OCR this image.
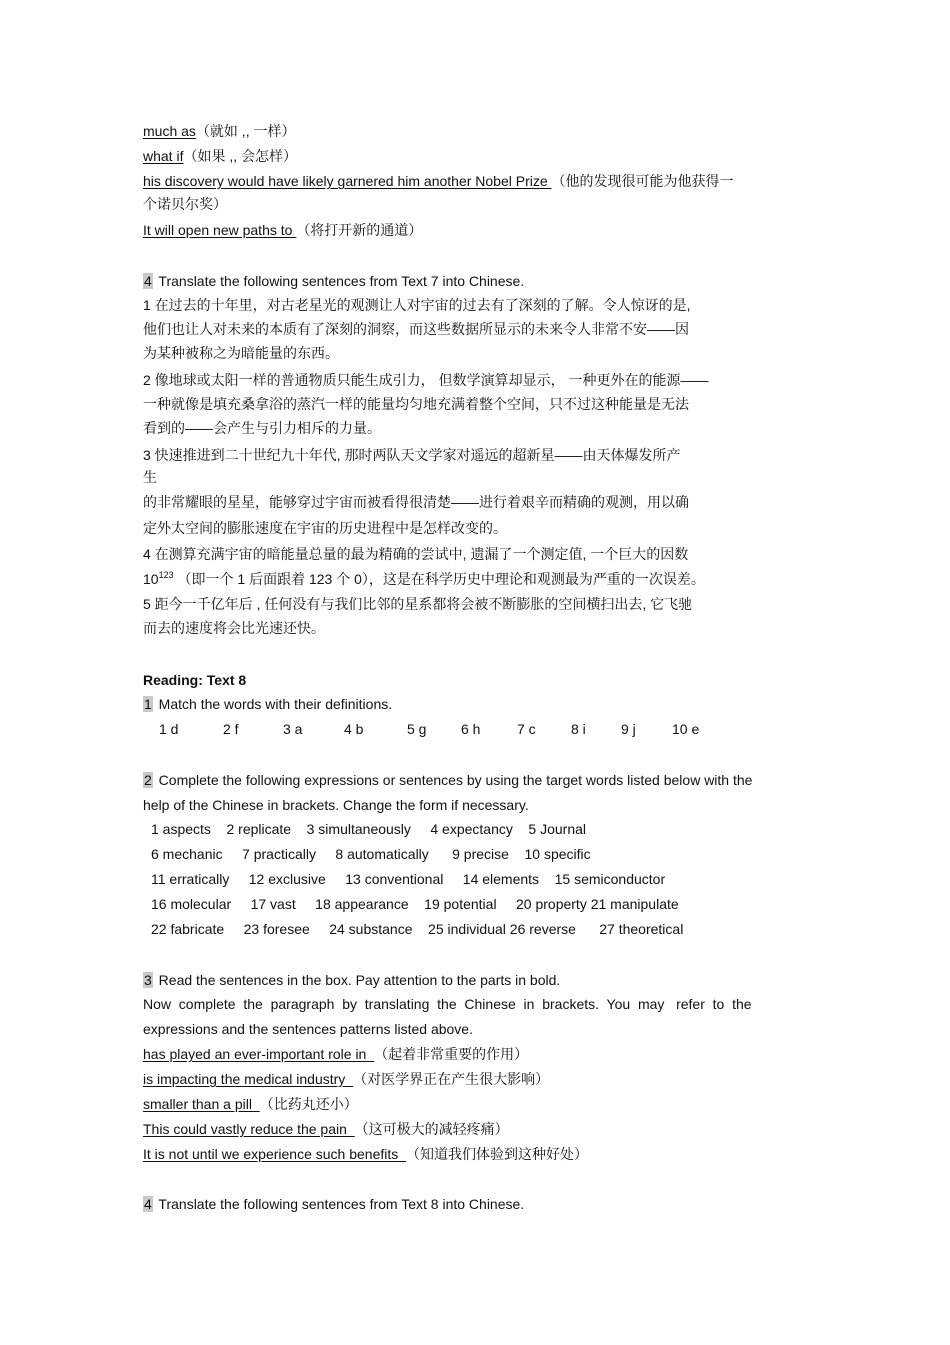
much as（就如 ,, 一样）
what if（如果 ,, 会怎样）
his discovery would have likely garnered him another Nobel Prize （他的发现很可能为他获得一
个诺贝尔奖）
It will open new paths to （将打开新的通道）
4 Translate the following sentences from Text 7 into Chinese.
1 在过去的十年里，对古老星光的观测让人对宇宙的过去有了深刻的了解。令人惊讶的是,
他们也让人对未来的本质有了深刻的洞察，而这些数据所显示的未来令人非常不安——因
为某种被称之为暗能量的东西。
2 像地球或太阳一样的普通物质只能生成引力， 但数学演算却显示， 一种更外在的能源——
一种就像是填充桑拿浴的蒸汽一样的能量均匀地充满着整个空间，只不过这种能量是无法
看到的——会产生与引力相斥的力量。
3 快速推进到二十世纪九十年代, 那时两队天文学家对遥远的超新星——由天体爆发所产
生
的非常耀眼的星星，能够穿过宇宙而被看得很清楚——进行着艰辛而精确的观测，用以确
定外太空间的膨胀速度在宇宙的历史进程中是怎样改变的。
4 在测算充满宇宙的暗能量总量的最为精确的尝试中, 遗漏了一个测定值, 一个巨大的因数
$10^{123}$ （即一个 1 后面跟着 123 个 0），这是在科学历史中理论和观测最为严重的一次误差。
5 距今一千亿年后 , 任何没有与我们比邻的星系都将会被不断膨胀的空间横扫出去, 它飞驰
而去的速度将会比光速还快。
Reading: Text 8
1 Match the words with their definitions.
1 d	2 f	3 a	4 b	5 g 6 h	7 c	8 i	9 j	10 e
2 Complete the following expressions or sentences by using the target words listed below with the
help of the Chinese in brackets. Change the form if necessary.
1 aspects    2 replicate    3 simultaneously     4 expectancy    5 Journal
6 mechanic     7 practically     8 automatically      9 precise    10 specific
11 erratically     12 exclusive     13 conventional     14 elements    15 semiconductor
16 molecular     17 vast     18 appearance    19 potential     20 property 21 manipulate
22 fabricate     23 foresee     24 substance    25 individual 26 reverse      27 theoretical
3 Read the sentences in the box. Pay attention to the parts in bold.
Now  complete  the  paragraph  by  translating  the  Chinese  in  brackets.  You  may   refer  to  the
expressions and the sentences patterns listed above.
has played an ever-important role in  （起着非常重要的作用）
is impacting the medical industry  （对医学界正在产生很大影响）
smaller than a pill  （比药丸还小）
This could vastly reduce the pain  （这可极大的减轻疼痛）
It is not until we experience such benefits  （知道我们体验到这种好处）
4 Translate the following sentences from Text 8 into Chinese.
